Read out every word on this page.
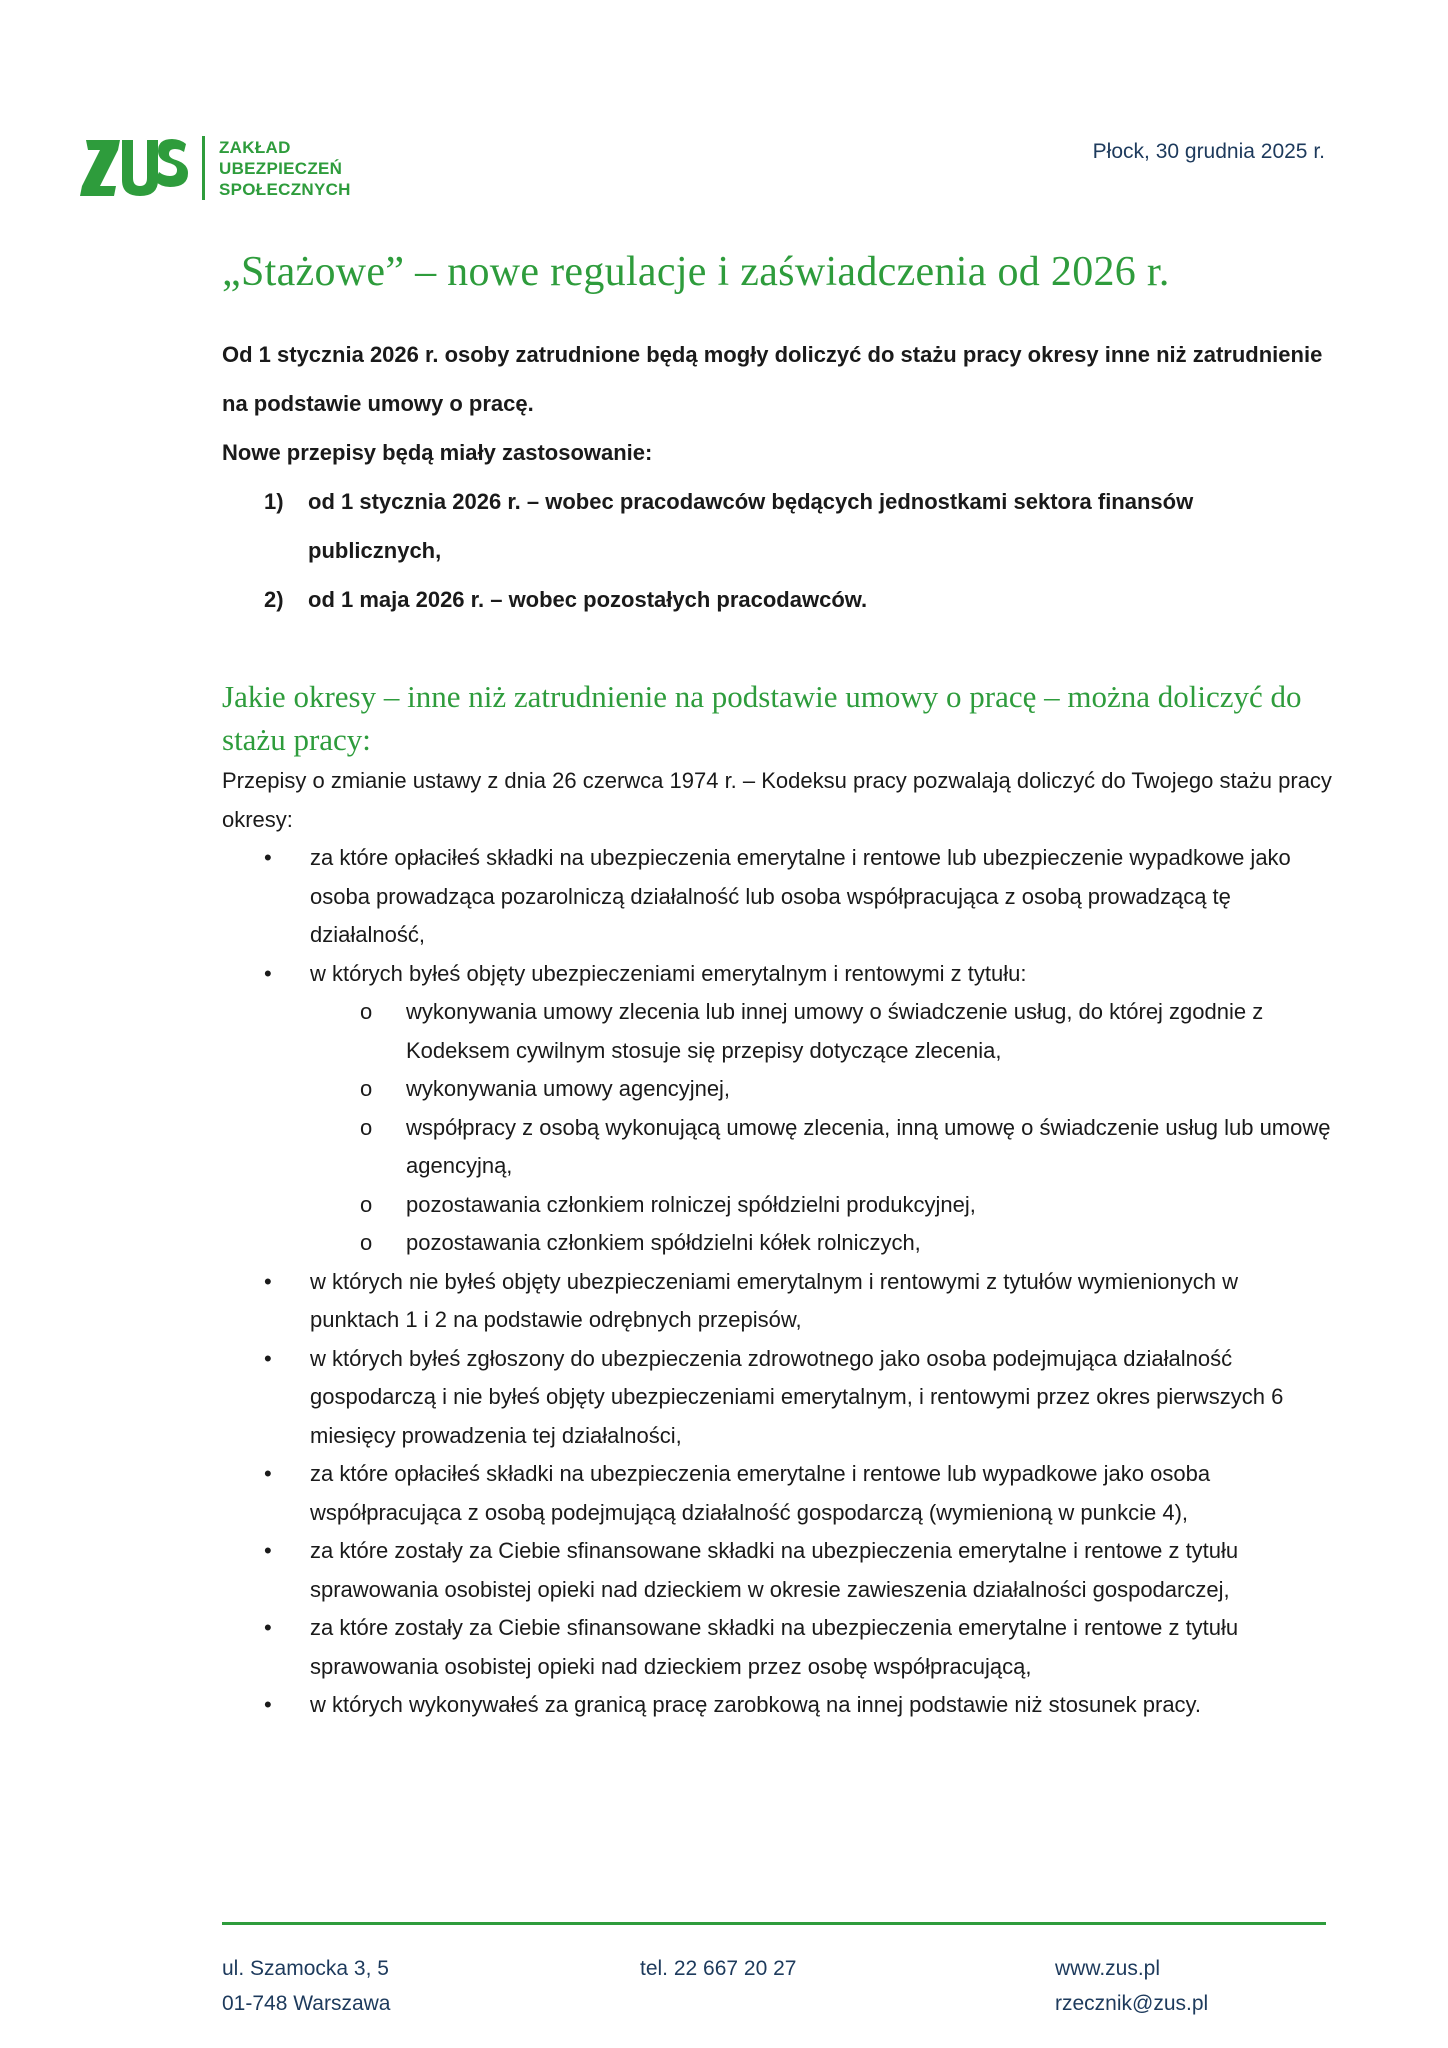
ZAKŁAD
UBEZPIECZEŃ
SPOŁECZNYCH
Płock, 30 grudnia 2025 r.
„Stażowe” – nowe regulacje i zaświadczenia od 2026 r.

Od 1 stycznia 2026 r. osoby zatrudnione będą mogły doliczyć do stażu pracy okresy inne niż zatrudnienie na podstawie umowy o pracę.

Nowe przepisy będą miały zastosowanie:

1) od 1 stycznia 2026 r. – wobec pracodawców będących jednostkami sektora finansów publicznych,
2) od 1 maja 2026 r. – wobec pozostałych pracodawców.
Jakie okresy – inne niż zatrudnienie na podstawie umowy o pracę – można doliczyć do stażu pracy:

Przepisy o zmianie ustawy z dnia 26 czerwca 1974 r. – Kodeksu pracy pozwalają doliczyć do Twojego stażu pracy okresy:

• za które opłaciłeś składki na ubezpieczenia emerytalne i rentowe lub ubezpieczenie wypadkowe jako osoba prowadząca pozarolniczą działalność lub osoba współpracująca z osobą prowadzącą tę działalność,
• w których byłeś objęty ubezpieczeniami emerytalnym i rentowymi z tytułu:
o wykonywania umowy zlecenia lub innej umowy o świadczenie usług, do której zgodnie z Kodeksem cywilnym stosuje się przepisy dotyczące zlecenia,
o wykonywania umowy agencyjnej,
o współpracy z osobą wykonującą umowę zlecenia, inną umowę o świadczenie usług lub umowę agencyjną,
o pozostawania członkiem rolniczej spółdzielni produkcyjnej,
o pozostawania członkiem spółdzielni kółek rolniczych,
• w których nie byłeś objęty ubezpieczeniami emerytalnym i rentowymi z tytułów wymienionych w punktach 1 i 2 na podstawie odrębnych przepisów,
• w których byłeś zgłoszony do ubezpieczenia zdrowotnego jako osoba podejmująca działalność gospodarczą i nie byłeś objęty ubezpieczeniami emerytalnym, i rentowymi przez okres pierwszych 6 miesięcy prowadzenia tej działalności,
• za które opłaciłeś składki na ubezpieczenia emerytalne i rentowe lub wypadkowe jako osoba współpracująca z osobą podejmującą działalność gospodarczą (wymienioną w punkcie 4),
• za które zostały za Ciebie sfinansowane składki na ubezpieczenia emerytalne i rentowe z tytułu sprawowania osobistej opieki nad dzieckiem w okresie zawieszenia działalności gospodarczej,
• za które zostały za Ciebie sfinansowane składki na ubezpieczenia emerytalne i rentowe z tytułu sprawowania osobistej opieki nad dzieckiem przez osobę współpracującą,
• w których wykonywałeś za granicą pracę zarobkową na innej podstawie niż stosunek pracy.
ul. Szamocka 3, 5
01-748 Warszawa
tel. 22 667 20 27	www.zus.pl
rzecznik@zus.pl
